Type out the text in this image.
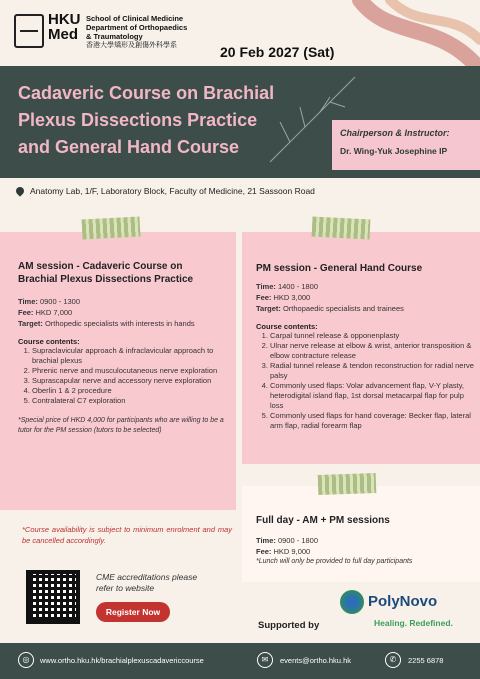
HKU
Med
School of Clinical Medicine
Department of Orthopaedics
& Traumatology
香港大學矯形及創傷外科學系	20 Feb 2027 (Sat)
Cadaveric Course on Brachial
Plexus Dissections Practice
and General Hand Course
Chairperson & Instructor:
Dr. Wing-Yuk Josephine IP
Anatomy Lab, 1/F, Laboratory Block, Faculty of Medicine, 21 Sassoon Road
AM session - Cadaveric Course on
Brachial Plexus Dissections Practice
Time: 0900 - 1300
Fee: HKD 7,000
Target: Orthopedic specialists with interests in hands
Course contents:
1. Supraclavicular approach & infraclavicular approach to brachial plexus
2. Phrenic nerve and musculocutaneous nerve exploration
3. Suprascapular nerve and accessory nerve exploration
4. Oberlin 1 & 2 procedure
5. Contralateral C7 exploration
*Special price of HKD 4,000 for participants who are willing to be a tutor for the PM session (tutors to be selected)
PM session - General Hand Course
Time: 1400 - 1800
Fee: HKD 3,000
Target: Orthopaedic specialists and trainees
Course contents:
1. Carpal tunnel release & opponenplasty
2. Ulnar nerve release at elbow & wrist, anterior transposition & elbow contracture release
3. Radial tunnel release & tendon reconstruction for radial nerve palsy
4. Commonly used flaps: Volar advancement flap, V-Y plasty, heterodigital island flap, 1st dorsal metacarpal flap for pulp loss
5. Commonly used flaps for hand coverage: Becker flap, lateral arm flap, radial forearm flap
Full day - AM + PM sessions
Time: 0900 - 1800
Fee: HKD 9,000
*Lunch will only be provided to full day participants
*Course availability is subject to minimum enrolment and may be cancelled accordingly.
CME accreditations please
refer to website
Register Now
Supported by
PolyNovo
Healing. Redefined.
◎	www.ortho.hku.hk/brachialplexuscadavericcourse	✉	events@ortho.hku.hk	✆	2255 6878
